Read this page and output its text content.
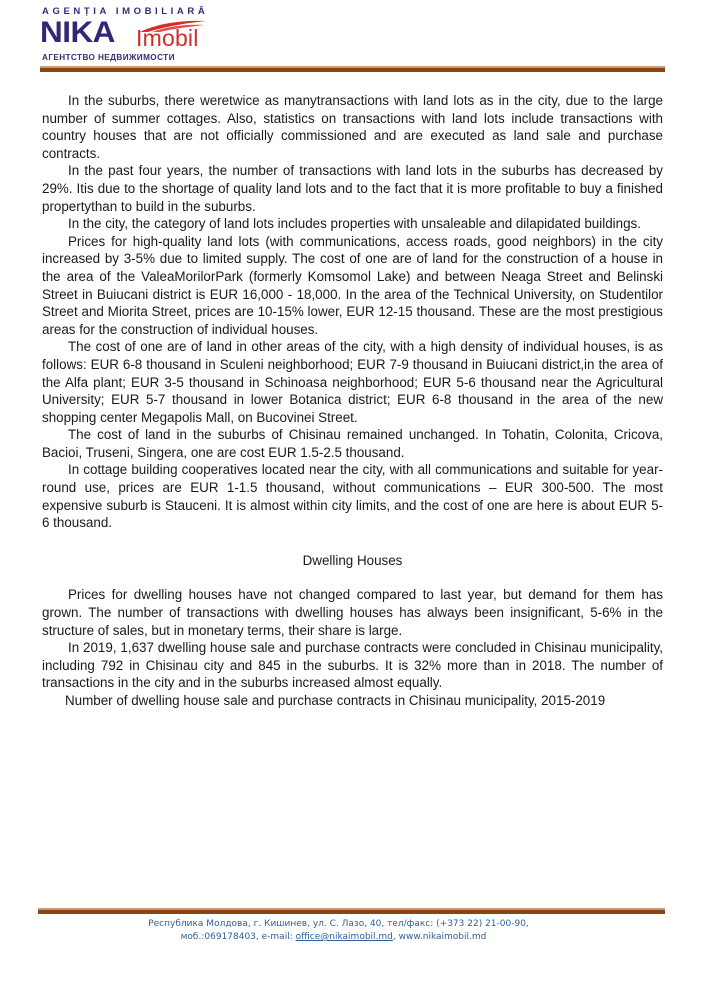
AGENȚIA IMOBILIARĂ
NIKA Imobil
АГЕНТСТВО НЕДВИЖИМОСТИ

In the suburbs, there weretwice as manytransactions with land lots as in the city, due to the large number of summer cottages. Also, statistics on transactions with land lots include transactions with country houses that are not officially commissioned and are executed as land sale and purchase contracts.

In the past four years, the number of transactions with land lots in the suburbs has decreased by 29%. Itis due to the shortage of quality land lots and to the fact that it is more profitable to buy a finished propertythan to build in the suburbs.

In the city, the category of land lots includes properties with unsaleable and dilapidated buildings.

Prices for high-quality land lots (with communications, access roads, good neighbors) in the city increased by 3-5% due to limited supply. The cost of one are of land for the construction of a house in the area of the ValeaMorilorPark (formerly Komsomol Lake) and between Neaga Street and Belinski Street in Buiucani district is EUR 16,000 - 18,000. In the area of the Technical University, on Studentilor Street and Miorita Street, prices are 10-15% lower, EUR 12-15 thousand. These are the most prestigious areas for the construction of individual houses.

The cost of one are of land in other areas of the city, with a high density of individual houses, is as follows: EUR 6-8 thousand in Sculeni neighborhood; EUR 7-9 thousand in Buiucani district,in the area of the Alfa plant; EUR 3-5 thousand in Schinoasa neighborhood; EUR 5-6 thousand near the Agricultural University; EUR 5-7 thousand in lower Botanica district; EUR 6-8 thousand in the area of the new shopping center Megapolis Mall, on Bucovinei Street.

The cost of land in the suburbs of Chisinau remained unchanged. In Tohatin, Colonita, Cricova, Bacioi, Truseni, Singera, one are cost EUR 1.5-2.5 thousand.

In cottage building cooperatives located near the city, with all communications and suitable for year-round use, prices are EUR 1-1.5 thousand, without communications – EUR 300-500. The most expensive suburb is Stauceni. It is almost within city limits, and the cost of one are here is about EUR 5-6 thousand.

Dwelling Houses

Prices for dwelling houses have not changed compared to last year, but demand for them has grown. The number of transactions with dwelling houses has always been insignificant, 5-6% in the structure of sales, but in monetary terms, their share is large.

In 2019, 1,637 dwelling house sale and purchase contracts were concluded in Chisinau municipality, including 792 in Chisinau city and 845 in the suburbs. It is 32% more than in 2018. The number of transactions in the city and in the suburbs increased almost equally.

Number of dwelling house sale and purchase contracts in Chisinau municipality, 2015-2019

Республика Молдова, г. Кишинев, ул. С. Лазо, 40, тел/факс: (+373 22) 21-00-90,
моб.:069178403, e-mail: office@nikaimobil.md, www.nikaimobil.md
